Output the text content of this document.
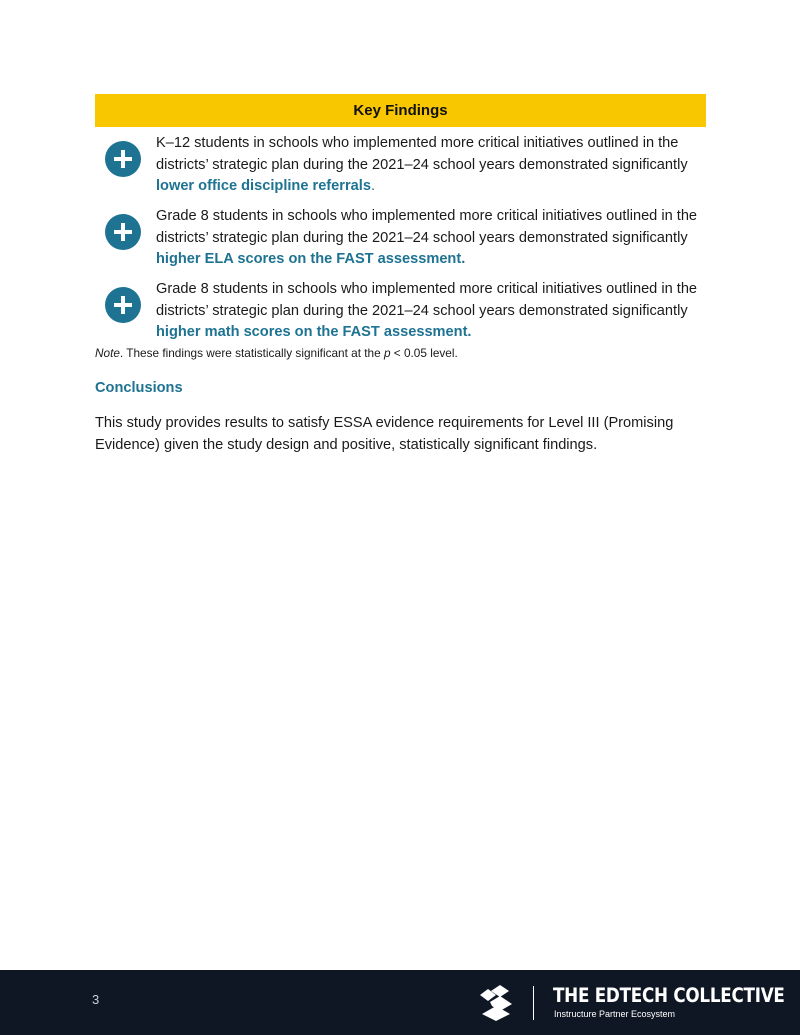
Key Findings
K–12 students in schools who implemented more critical initiatives outlined in the districts’ strategic plan during the 2021–24 school years demonstrated significantly lower office discipline referrals.
Grade 8 students in schools who implemented more critical initiatives outlined in the districts’ strategic plan during the 2021–24 school years demonstrated significantly higher ELA scores on the FAST assessment.
Grade 8 students in schools who implemented more critical initiatives outlined in the districts’ strategic plan during the 2021–24 school years demonstrated significantly higher math scores on the FAST assessment.
Note. These findings were statistically significant at the p < 0.05 level.
Conclusions
This study provides results to satisfy ESSA evidence requirements for Level III (Promising Evidence) given the study design and positive, statistically significant findings.
3	THE EDTECH COLLECTIVE
Instructure Partner Ecosystem
